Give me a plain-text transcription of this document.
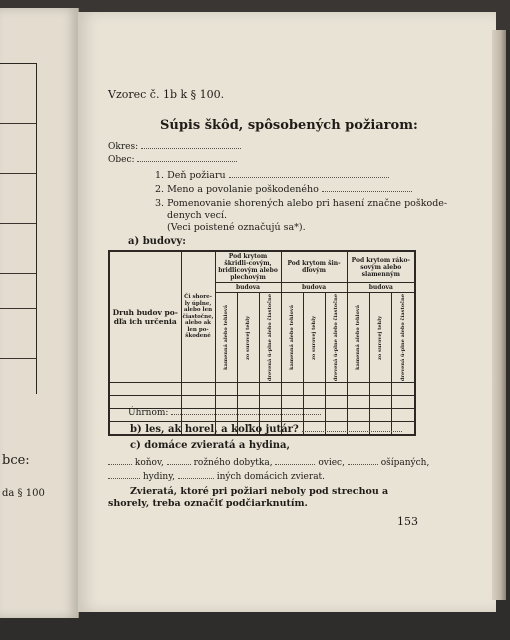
bce:
da § 100
Vzorec č. 1b k § 100.
Súpis škôd, spôsobených požiarom:
Okres:
Obec:
1. Deň požiaru
2. Meno a povolanie poškodeného
3. Pomenovanie shorených alebo pri hasení značne poškode-
denych vecí.
(Veci poistené označujú sa*).
a) budovy:
Druh budov po-dľa ich určenia	Či shore-ly úplne, alebo len čiastočne, alebo ak len po-škodené	Pod krytom škridli-covým, bridlicovým alebo plechovým			Pod krytom šin-dľovým			Pod krytom ráko-sovým alebo slamenným		
		budova			budova			budova		

		kamenná alebo tehlová	zo surovej tehly	drevená ú-plne alebo čiastočne	kamenná alebo tehlová	zo surovej tehly	drevená ú-plne alebo čiastočne	kamenná alebo tehlová	zo surovej tehly	drevená ú-plne alebo čiastočne

Úhrnom:
b) les, ak horel, a koľko jutár?
c) domáce zvieratá a hydina,
koňov,	rožného dobytka,	oviec,	ošípaných,
hydiny,	iných domácich zvierat.
Zvieratá, ktoré pri požiari neboly pod strechou a shorely, treba označiť podčiarknutím.
153
